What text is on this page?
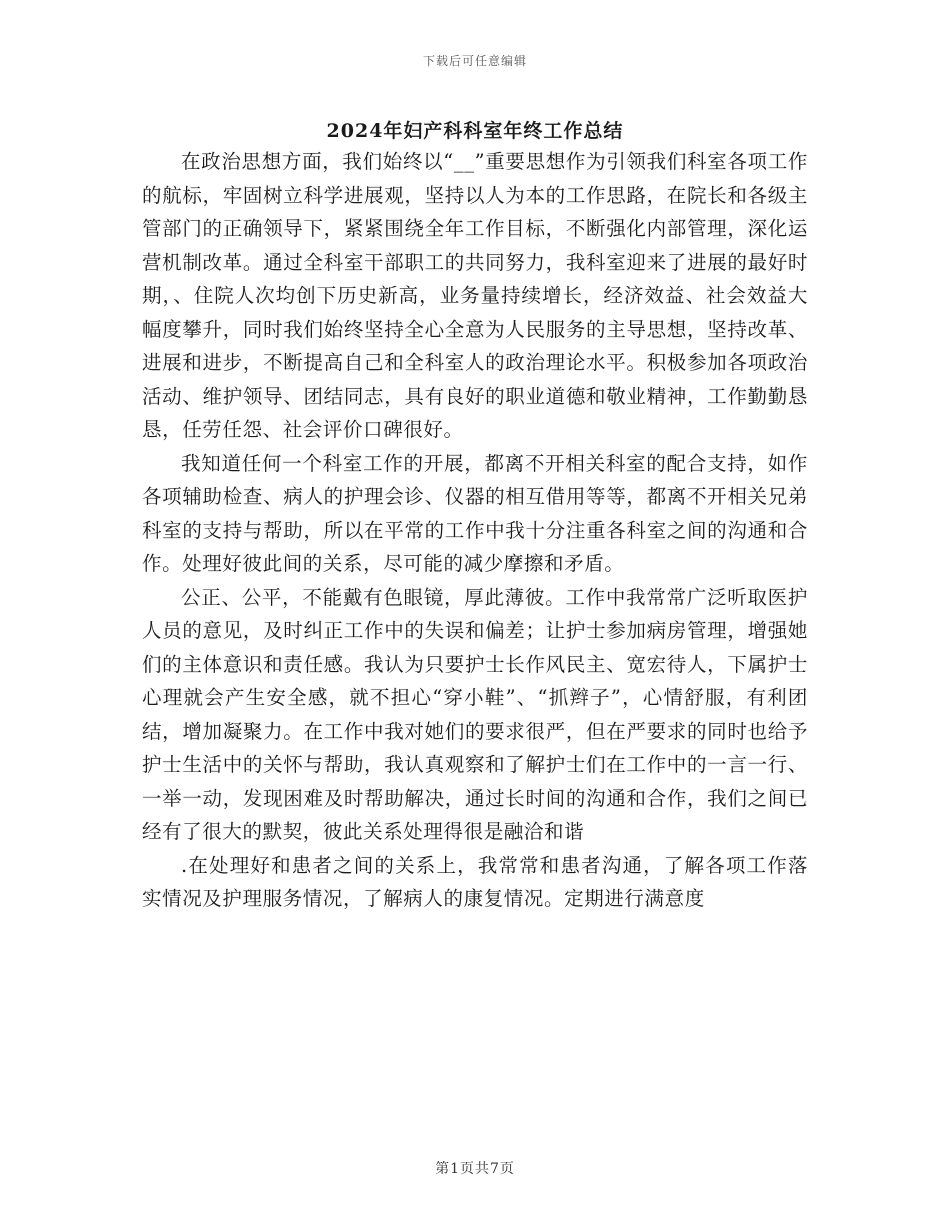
下载后可任意编辑
2024年妇产科科室年终工作总结

在政治思想方面，我们始终以“__”重要思想作为引领我们科室各项工作的航标，牢固树立科学进展观，坚持以人为本的工作思路，在院长和各级主管部门的正确领导下，紧紧围绕全年工作目标，不断强化内部管理，深化运营机制改革。通过全科室干部职工的共同努力，我科室迎来了进展的最好时期，、住院人次均创下历史新高，业务量持续增长，经济效益、社会效益大幅度攀升，同时我们始终坚持全心全意为人民服务的主导思想，坚持改革、进展和进步，不断提高自己和全科室人的政治理论水平。积极参加各项政治活动、维护领导、团结同志，具有良好的职业道德和敬业精神，工作勤勤恳恳，任劳任怨、社会评价口碑很好。

我知道任何一个科室工作的开展，都离不开相关科室的配合支持，如作各项辅助检查、病人的护理会诊、仪器的相互借用等等，都离不开相关兄弟科室的支持与帮助，所以在平常的工作中我十分注重各科室之间的沟通和合作。处理好彼此间的关系，尽可能的减少摩擦和矛盾。

公正、公平，不能戴有色眼镜，厚此薄彼。工作中我常常广泛听取医护人员的意见，及时纠正工作中的失误和偏差；让护士参加病房管理，增强她们的主体意识和责任感。我认为只要护士长作风民主、宽宏待人，下属护士心理就会产生安全感，就不担心“穿小鞋”、“抓辫子”，心情舒服，有利团结，增加凝聚力。在工作中我对她们的要求很严，但在严要求的同时也给予护士生活中的关怀与帮助，我认真观察和了解护士们在工作中的一言一行、一举一动，发现困难及时帮助解决，通过长时间的沟通和合作，我们之间已经有了很大的默契，彼此关系处理得很是融洽和谐

.在处理好和患者之间的关系上，我常常和患者沟通，了解各项工作落实情况及护理服务情况，了解病人的康复情况。定期进行满意度

第1页共7页
